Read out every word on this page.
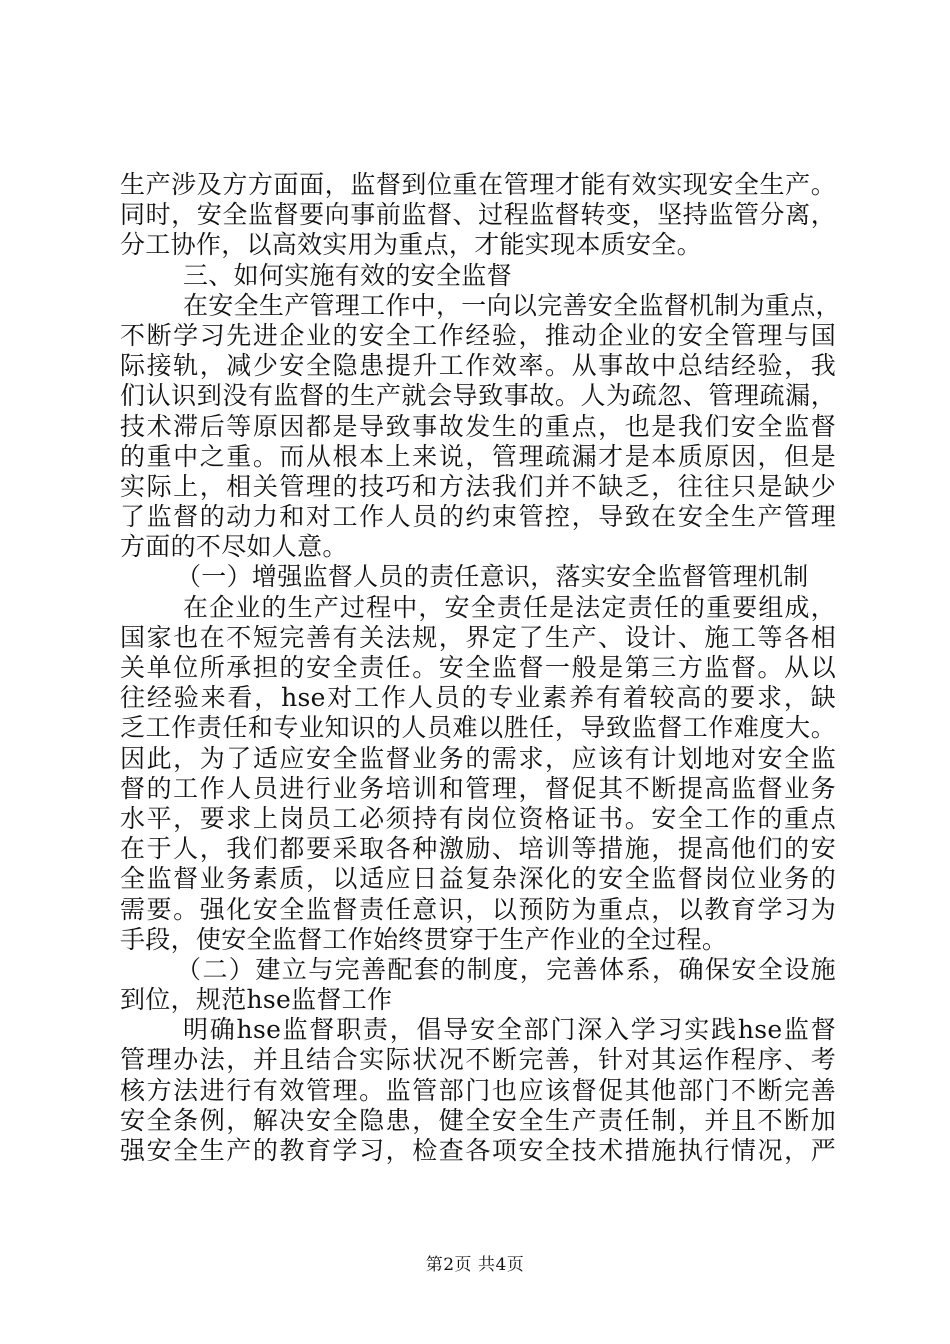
生产涉及方方面面，监督到位重在管理才能有效实现安全生产。
同时，安全监督要向事前监督、过程监督转变，坚持监管分离，
分工协作，以高效实用为重点，才能实现本质安全。
三、如何实施有效的安全监督
在安全生产管理工作中，一向以完善安全监督机制为重点，
不断学习先进企业的安全工作经验，推动企业的安全管理与国
际接轨，减少安全隐患提升工作效率。从事故中总结经验，我
们认识到没有监督的生产就会导致事故。人为疏忽、管理疏漏，
技术滞后等原因都是导致事故发生的重点，也是我们安全监督
的重中之重。而从根本上来说，管理疏漏才是本质原因，但是
实际上，相关管理的技巧和方法我们并不缺乏，往往只是缺少
了监督的动力和对工作人员的约束管控，导致在安全生产管理
方面的不尽如人意。
（一）增强监督人员的责任意识，落实安全监督管理机制
在企业的生产过程中，安全责任是法定责任的重要组成，
国家也在不短完善有关法规，界定了生产、设计、施工等各相
关单位所承担的安全责任。安全监督一般是第三方监督。从以
往经验来看，hse对工作人员的专业素养有着较高的要求，缺
乏工作责任和专业知识的人员难以胜任，导致监督工作难度大。
因此，为了适应安全监督业务的需求，应该有计划地对安全监
督的工作人员进行业务培训和管理，督促其不断提高监督业务
水平，要求上岗员工必须持有岗位资格证书。安全工作的重点
在于人，我们都要采取各种激励、培训等措施，提高他们的安
全监督业务素质，以适应日益复杂深化的安全监督岗位业务的
需要。强化安全监督责任意识，以预防为重点，以教育学习为
手段，使安全监督工作始终贯穿于生产作业的全过程。
（二）建立与完善配套的制度，完善体系，确保安全设施
到位，规范hse监督工作
明确hse监督职责，倡导安全部门深入学习实践hse监督
管理办法，并且结合实际状况不断完善，针对其运作程序、考
核方法进行有效管理。监管部门也应该督促其他部门不断完善
安全条例，解决安全隐患，健全安全生产责任制，并且不断加
强安全生产的教育学习，检查各项安全技术措施执行情况，严
第2页 共4页
